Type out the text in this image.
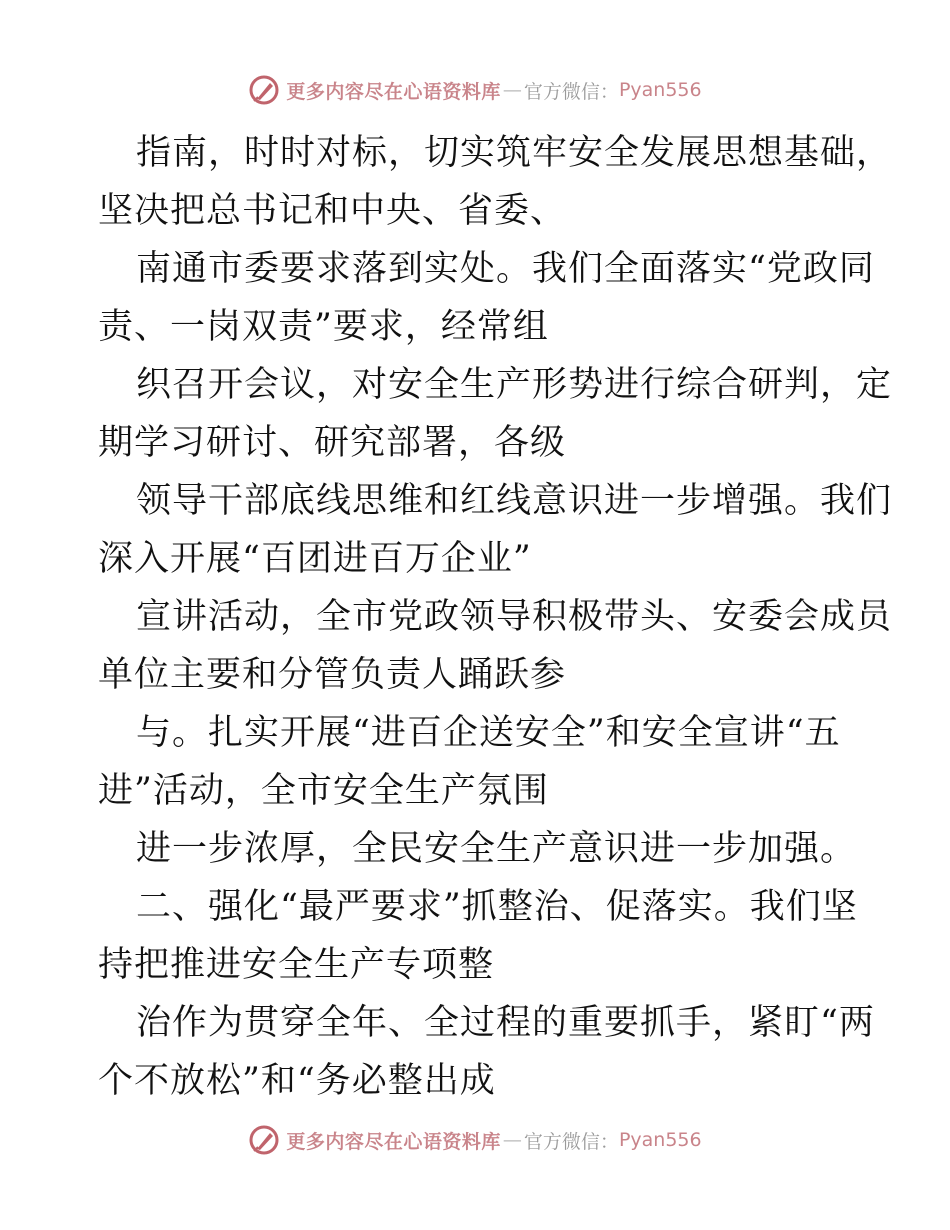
更多内容尽在心语资料库 — 官方微信： Pyan556
指南，时时对标，切实筑牢安全发展思想基础，
坚决把总书记和中央、省委、
南通市委要求落到实处。我们全面落实“党政同
责、一岗双责”要求，经常组
织召开会议，对安全生产形势进行综合研判，定
期学习研讨、研究部署，各级
领导干部底线思维和红线意识进一步增强。我们
深入开展“百团进百万企业”
宣讲活动，全市党政领导积极带头、安委会成员
单位主要和分管负责人踊跃参
与。扎实开展“进百企送安全”和安全宣讲“五
进”活动，全市安全生产氛围
进一步浓厚，全民安全生产意识进一步加强。
二、强化“最严要求”抓整治、促落实。我们坚
持把推进安全生产专项整
治作为贯穿全年、全过程的重要抓手，紧盯“两
个不放松”和“务必整出成
更多内容尽在心语资料库 — 官方微信： Pyan556
